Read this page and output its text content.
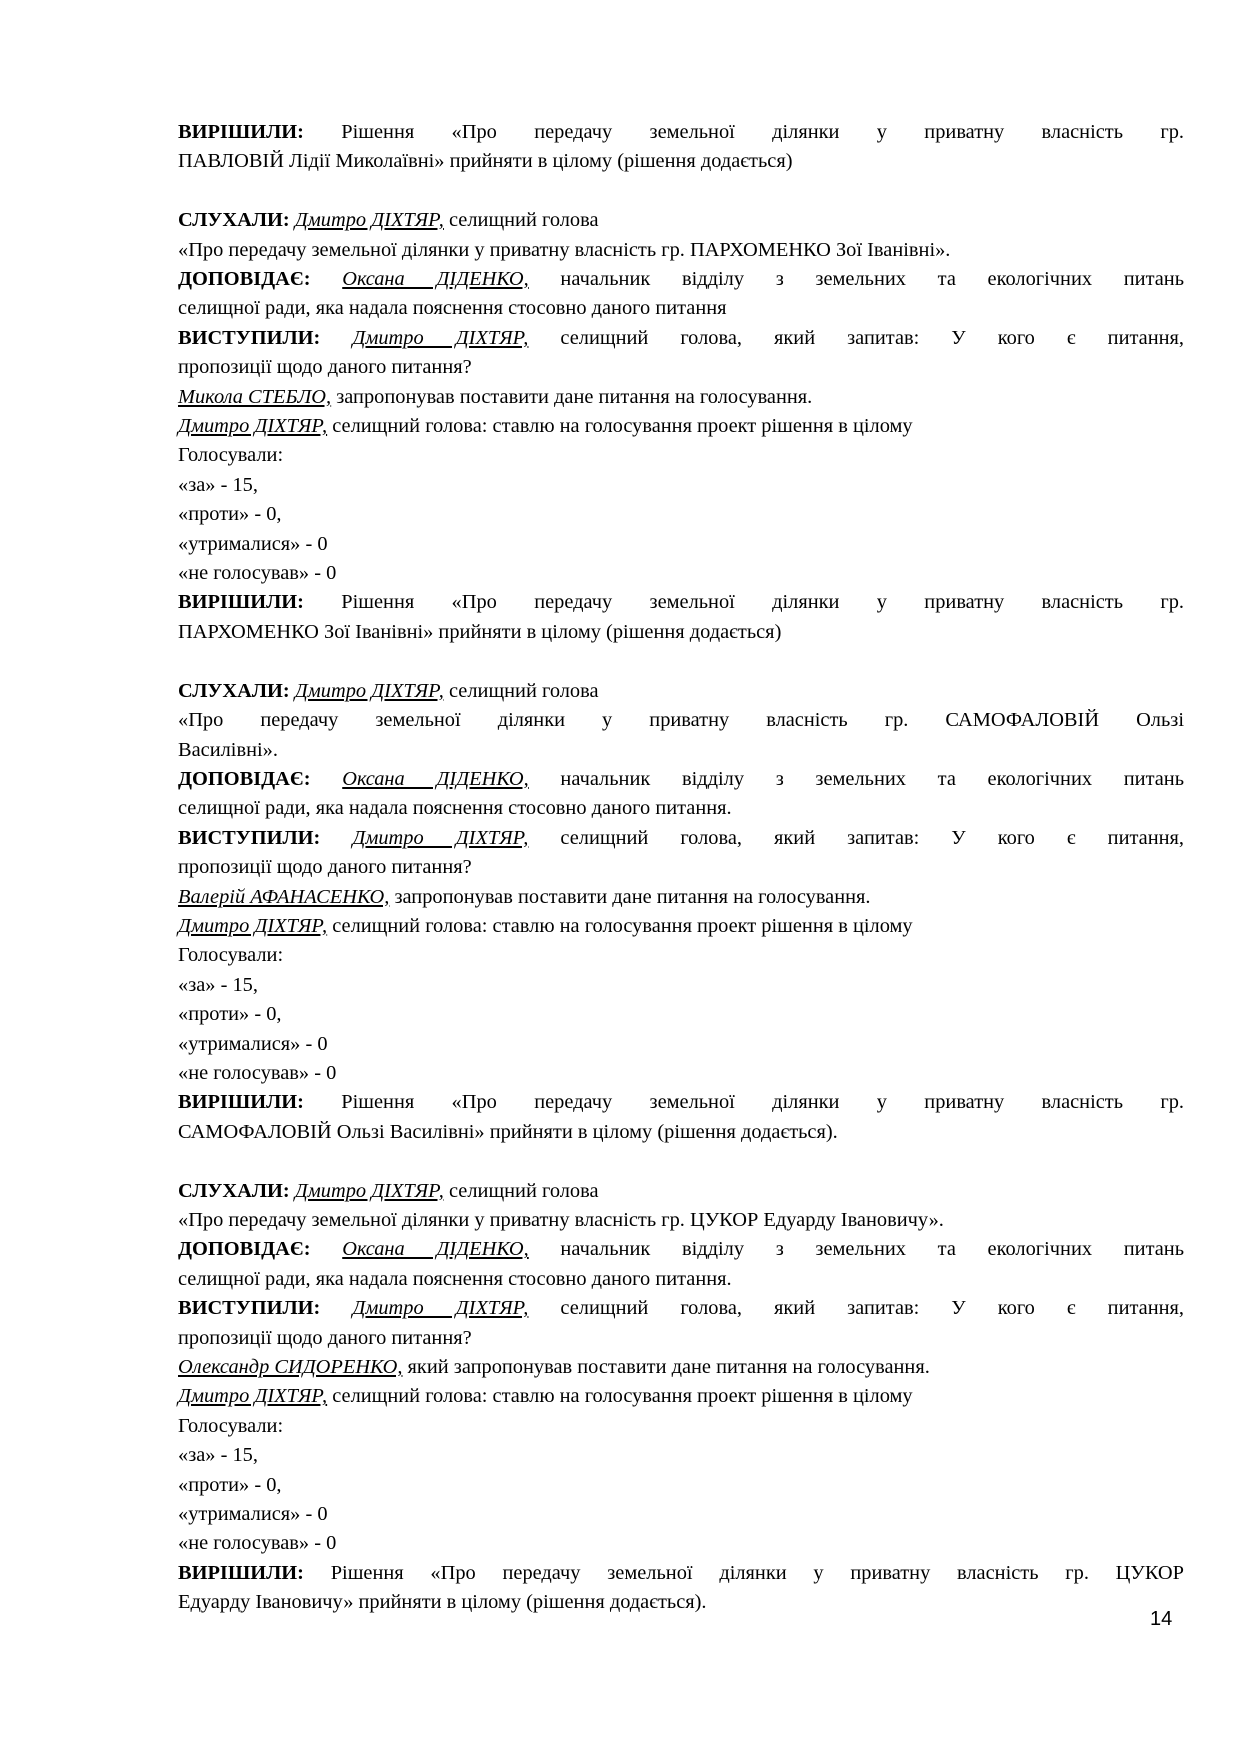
ВИРІШИЛИ: Рішення «Про передачу земельної ділянки у приватну власність гр.
ПАВЛОВІЙ Лідії Миколаївні» прийняти в цілому (рішення додається)
СЛУХАЛИ: Дмитро ДІХТЯР, селищний голова
«Про передачу земельної ділянки у приватну власність гр. ПАРХОМЕНКО Зої Іванівні».
ДОПОВІДАЄ: Оксана ДІДЕНКО, начальник відділу з земельних та екологічних питань
селищної ради, яка надала пояснення стосовно даного питання
ВИСТУПИЛИ: Дмитро ДІХТЯР, селищний голова, який запитав: У кого є питання,
пропозиції щодо даного питання?
Микола СТЕБЛО, запропонував поставити дане питання на голосування.
Дмитро ДІХТЯР, селищний голова: ставлю на голосування проект рішення в цілому
Голосували:
«за» - 15,
«проти» - 0,
«утрималися» - 0
«не голосував» - 0
ВИРІШИЛИ: Рішення «Про передачу земельної ділянки у приватну власність гр.
ПАРХОМЕНКО Зої Іванівні» прийняти в цілому (рішення додається)
СЛУХАЛИ: Дмитро ДІХТЯР, селищний голова
«Про передачу земельної ділянки у приватну власність гр. САМОФАЛОВІЙ Ользі
Василівні».
ДОПОВІДАЄ: Оксана ДІДЕНКО, начальник відділу з земельних та екологічних питань
селищної ради, яка надала пояснення стосовно даного питання.
ВИСТУПИЛИ: Дмитро ДІХТЯР, селищний голова, який запитав: У кого є питання,
пропозиції щодо даного питання?
Валерій АФАНАСЕНКО, запропонував поставити дане питання на голосування.
Дмитро ДІХТЯР, селищний голова: ставлю на голосування проект рішення в цілому
Голосували:
«за» - 15,
«проти» - 0,
«утрималися» - 0
«не голосував» - 0
ВИРІШИЛИ: Рішення «Про передачу земельної ділянки у приватну власність гр.
САМОФАЛОВІЙ Ользі Василівні» прийняти в цілому (рішення додається).
СЛУХАЛИ: Дмитро ДІХТЯР, селищний голова
«Про передачу земельної ділянки у приватну власність гр. ЦУКОР Едуарду Івановичу».
ДОПОВІДАЄ: Оксана ДІДЕНКО, начальник відділу з земельних та екологічних питань
селищної ради, яка надала пояснення стосовно даного питання.
ВИСТУПИЛИ: Дмитро ДІХТЯР, селищний голова, який запитав: У кого є питання,
пропозиції щодо даного питання?
Олександр СИДОРЕНКО, який запропонував поставити дане питання на голосування.
Дмитро ДІХТЯР, селищний голова: ставлю на голосування проект рішення в цілому
Голосували:
«за» - 15,
«проти» - 0,
«утрималися» - 0
«не голосував» - 0
ВИРІШИЛИ: Рішення «Про передачу земельної ділянки у приватну власність гр. ЦУКОР
Едуарду Івановичу» прийняти в цілому (рішення додається).
14
